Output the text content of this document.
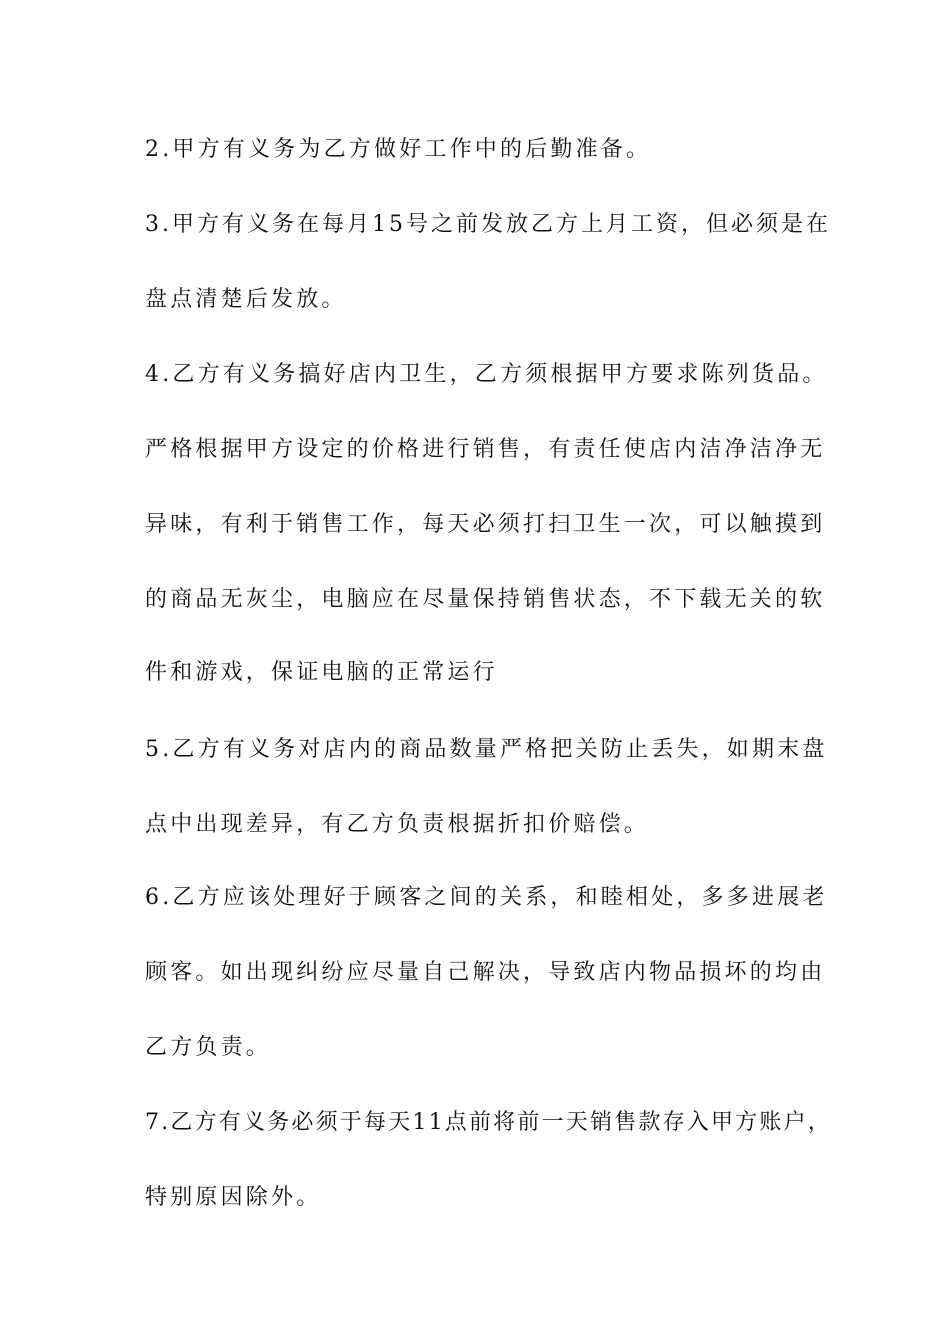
2.甲方有义务为乙方做好工作中的后勤准备。
3.甲方有义务在每月15号之前发放乙方上月工资，但必须是在
盘点清楚后发放。
4.乙方有义务搞好店内卫生，乙方须根据甲方要求陈列货品。
严格根据甲方设定的价格进行销售，有责任使店内洁净洁净无
异味，有利于销售工作，每天必须打扫卫生一次，可以触摸到
的商品无灰尘，电脑应在尽量保持销售状态，不下载无关的软
件和游戏，保证电脑的正常运行
5.乙方有义务对店内的商品数量严格把关防止丢失，如期末盘
点中出现差异，有乙方负责根据折扣价赔偿。
6.乙方应该处理好于顾客之间的关系，和睦相处，多多进展老
顾客。如出现纠纷应尽量自己解决，导致店内物品损坏的均由
乙方负责。
7.乙方有义务必须于每天11点前将前一天销售款存入甲方账户，
特别原因除外。
